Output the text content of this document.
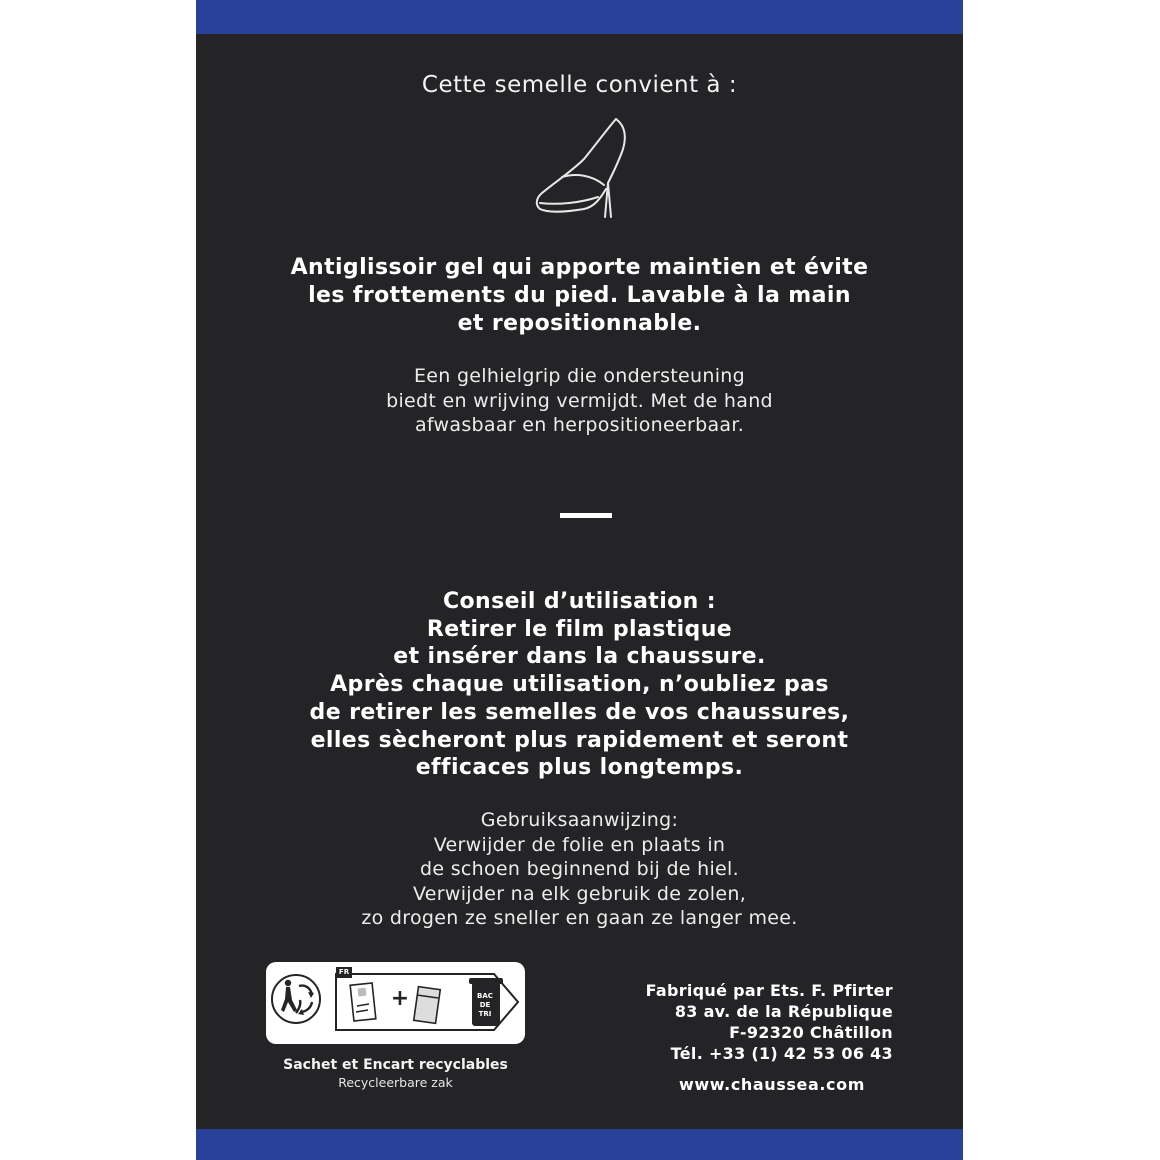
Cette semelle convient à :
Antiglissoir gel qui apporte maintien et évite
les frottements du pied. Lavable à la main
et repositionnable.
Een gelhielgrip die ondersteuning
biedt en wrijving vermijdt. Met de hand
afwasbaar en herpositioneerbaar.
Conseil d’utilisation :
Retirer le film plastique
et insérer dans la chaussure.
Après chaque utilisation, n’oubliez pas
de retirer les semelles de vos chaussures,
elles sècheront plus rapidement et seront
efficaces plus longtemps.
Gebruiksaanwijzing:
Verwijder de folie en plaats in
de schoen beginnend bij de hiel.
Verwijder na elk gebruik de zolen,
zo drogen ze sneller en gaan ze langer mee.
FR
+	BAC
DE
TRI
Sachet et Encart recyclables
Recycleerbare zak
Fabriqué par Ets. F. Pfirter
83 av. de la République
F-92320 Châtillon
Tél. +33 (1) 42 53 06 43
www.chaussea.com
